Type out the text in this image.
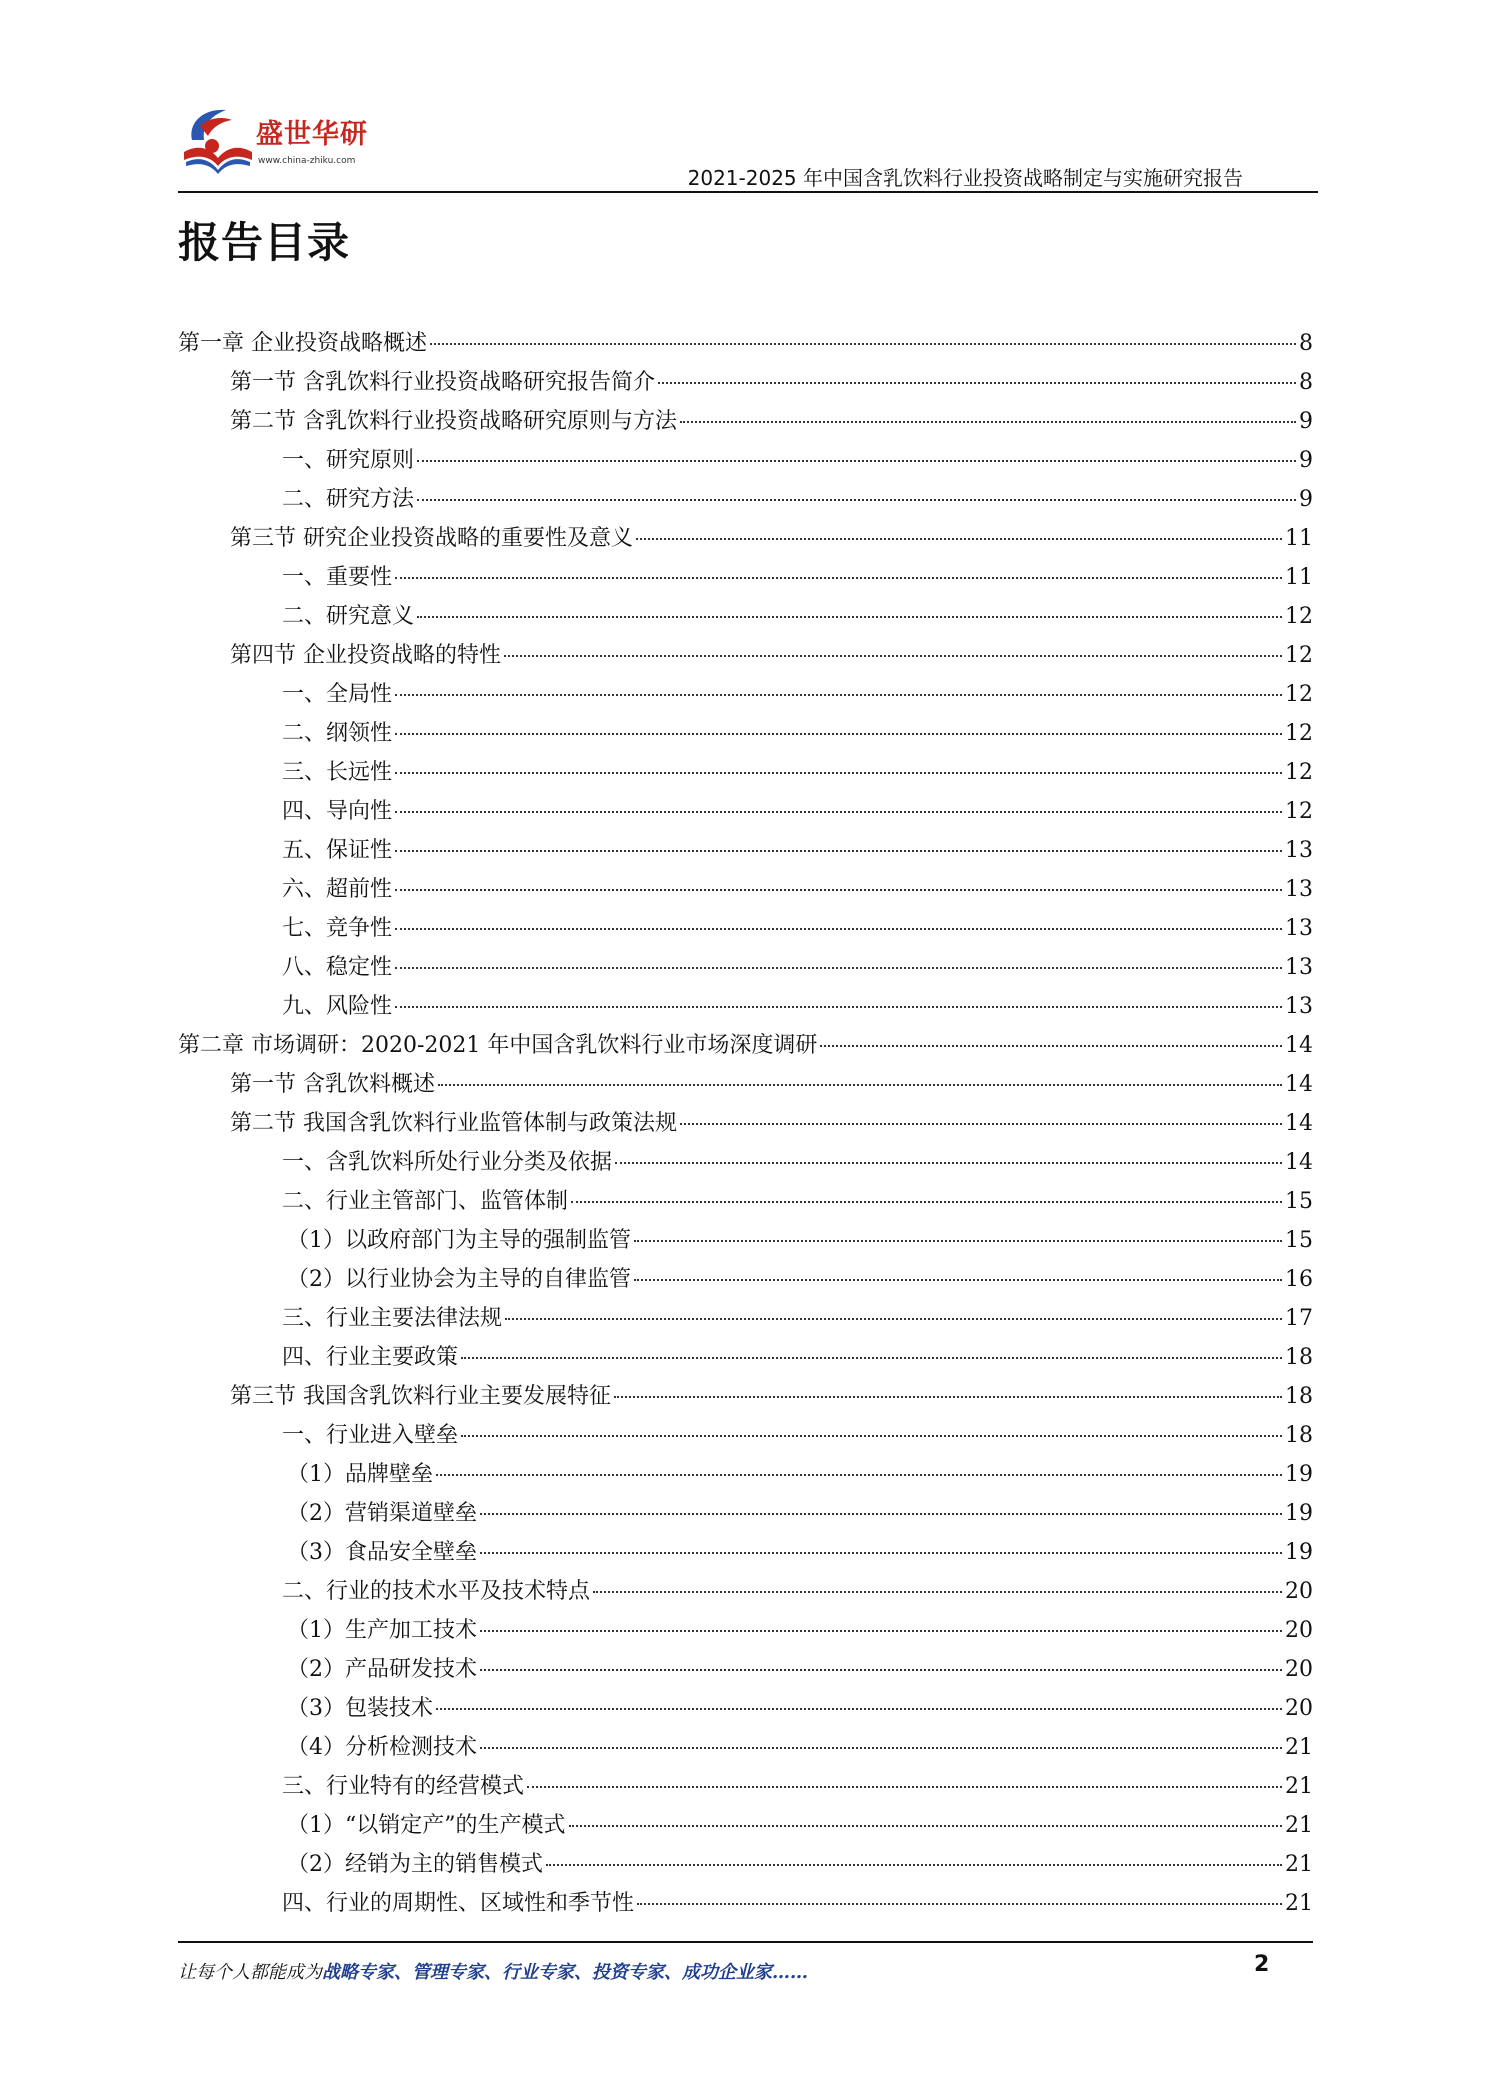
盛世华研
www.china-zhiku.com
2021-2025 年中国含乳饮料行业投资战略制定与实施研究报告
报告目录
第一章 企业投资战略概述	8
第一节 含乳饮料行业投资战略研究报告简介	8
第二节 含乳饮料行业投资战略研究原则与方法	9
一、研究原则	9
二、研究方法	9
第三节 研究企业投资战略的重要性及意义	11
一、重要性	11
二、研究意义	12
第四节 企业投资战略的特性	12
一、全局性	12
二、纲领性	12
三、长远性	12
四、导向性	12
五、保证性	13
六、超前性	13
七、竞争性	13
八、稳定性	13
九、风险性	13
第二章 市场调研：2020-2021 年中国含乳饮料行业市场深度调研	14
第一节 含乳饮料概述	14
第二节 我国含乳饮料行业监管体制与政策法规	14
一、含乳饮料所处行业分类及依据	14
二、行业主管部门、监管体制	15
（1）以政府部门为主导的强制监管	15
（2）以行业协会为主导的自律监管	16
三、行业主要法律法规	17
四、行业主要政策	18
第三节 我国含乳饮料行业主要发展特征	18
一、行业进入壁垒	18
（1）品牌壁垒	19
（2）营销渠道壁垒	19
（3）食品安全壁垒	19
二、行业的技术水平及技术特点	20
（1）生产加工技术	20
（2）产品研发技术	20
（3）包装技术	20
（4）分析检测技术	21
三、行业特有的经营模式	21
（1）“以销定产”的生产模式	21
（2）经销为主的销售模式	21
四、行业的周期性、区域性和季节性	21
让每个人都能成为战略专家、管理专家、行业专家、投资专家、成功企业家……	2
